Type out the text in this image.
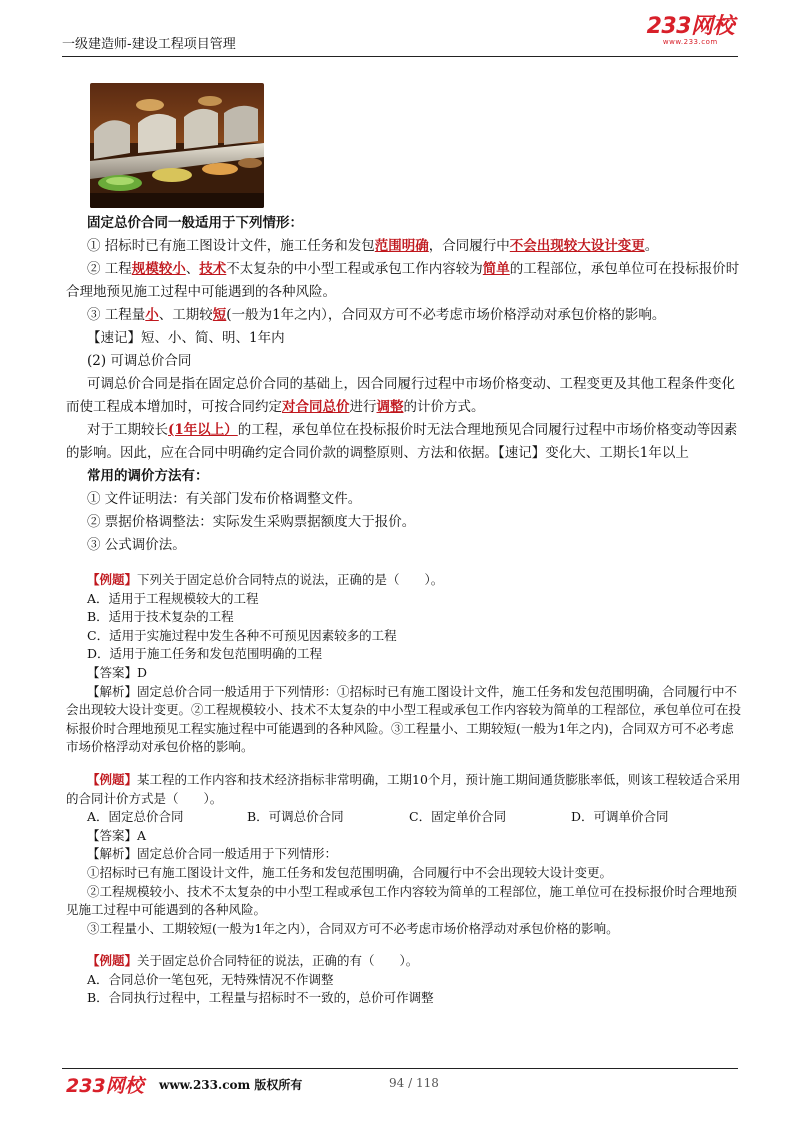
一级建造师-建设工程项目管理
233网校
www.233.com

固定总价合同一般适用于下列情形：

① 招标时已有施工图设计文件，施工任务和发包范围明确，合同履行中不会出现较大设计变更。

② 工程规模较小、技术不太复杂的中小型工程或承包工作内容较为简单的工程部位，承包单位可在投标报价时合理地预见施工过程中可能遇到的各种风险。

③ 工程量小、工期较短(一般为1年之内），合同双方可不必考虑市场价格浮动对承包价格的影响。

【速记】短、小、简、明、1年内

(2) 可调总价合同

可调总价合同是指在固定总价合同的基础上，因合同履行过程中市场价格变动、工程变更及其他工程条件变化而使工程成本增加时，可按合同约定对合同总价进行调整的计价方式。

对于工期较长(1年以上）的工程，承包单位在投标报价时无法合理地预见合同履行过程中市场价格变动等因素的影响。因此，应在合同中明确约定合同价款的调整原则、方法和依据。【速记】变化大、工期长1年以上

常用的调价方法有：

① 文件证明法：有关部门发布价格调整文件。

② 票据价格调整法：实际发生采购票据额度大于报价。

③ 公式调价法。

【例题】下列关于固定总价合同特点的说法，正确的是（　　）。

A．适用于工程规模较大的工程

B．适用于技术复杂的工程

C．适用于实施过程中发生各种不可预见因素较多的工程

D．适用于施工任务和发包范围明确的工程

【答案】D

【解析】固定总价合同一般适用于下列情形：①招标时已有施工图设计文件，施工任务和发包范围明确，合同履行中不会出现较大设计变更。②工程规模较小、技术不太复杂的中小型工程或承包工作内容较为简单的工程部位，承包单位可在投标报价时合理地预见工程实施过程中可能遇到的各种风险。③工程量小、工期较短(一般为1年之内)，合同双方可不必考虑市场价格浮动对承包价格的影响。

【例题】某工程的工作内容和技术经济指标非常明确，工期10个月，预计施工期间通货膨胀率低，则该工程较适合采用的合同计价方式是（　　）。

A．固定总价合同	B．可调总价合同	C．固定单价合同	D．可调单价合同

【答案】A

【解析】固定总价合同一般适用于下列情形：

①招标时已有施工图设计文件，施工任务和发包范围明确，合同履行中不会出现较大设计变更。

②工程规模较小、技术不太复杂的中小型工程或承包工作内容较为简单的工程部位，施工单位可在投标报价时合理地预见施工过程中可能遇到的各种风险。

③工程量小、工期较短(一般为1年之内），合同双方可不必考虑市场价格浮动对承包价格的影响。

【例题】关于固定总价合同特征的说法，正确的有（　　）。

A．合同总价一笔包死，无特殊情况不作调整

B．合同执行过程中，工程量与招标时不一致的，总价可作调整

233网校 www.233.com 版权所有	94 / 118
